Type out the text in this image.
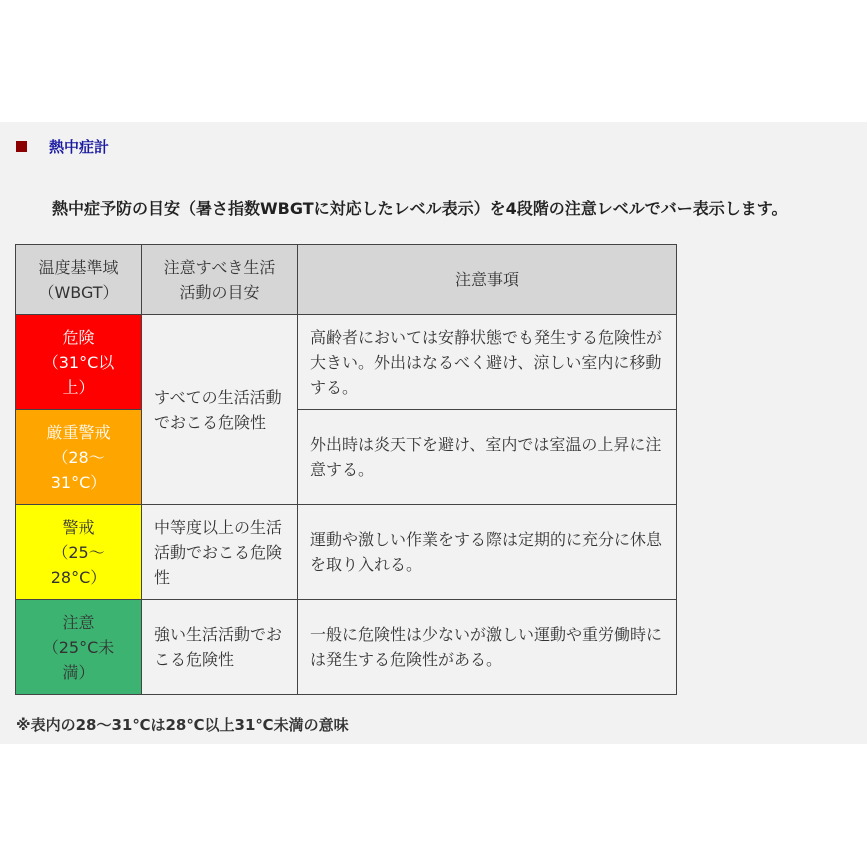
熱中症計
熱中症予防の目安（暑さ指数WBGTに対応したレベル表示）を4段階の注意レベルでバー表示します。
温度基準域
（WBGT）	注意すべき生活
活動の目安	注意事項

危険
（31°C以
上）	すべての生活活動でおこる危険性	高齢者においては安静状態でも発生する危険性が大きい。外出はなるべく避け、涼しい室内に移動する。

厳重警戒
（28〜
31°C）		外出時は炎天下を避け、室内では室温の上昇に注意する。

警戒
（25〜
28°C）	中等度以上の生活活動でおこる危険性	運動や激しい作業をする際は定期的に充分に休息を取り入れる。

注意
（25°C未
満）	強い生活活動でおこる危険性	一般に危険性は少ないが激しい運動や重労働時には発生する危険性がある。
※表内の28〜31℃は28℃以上31℃未満の意味
